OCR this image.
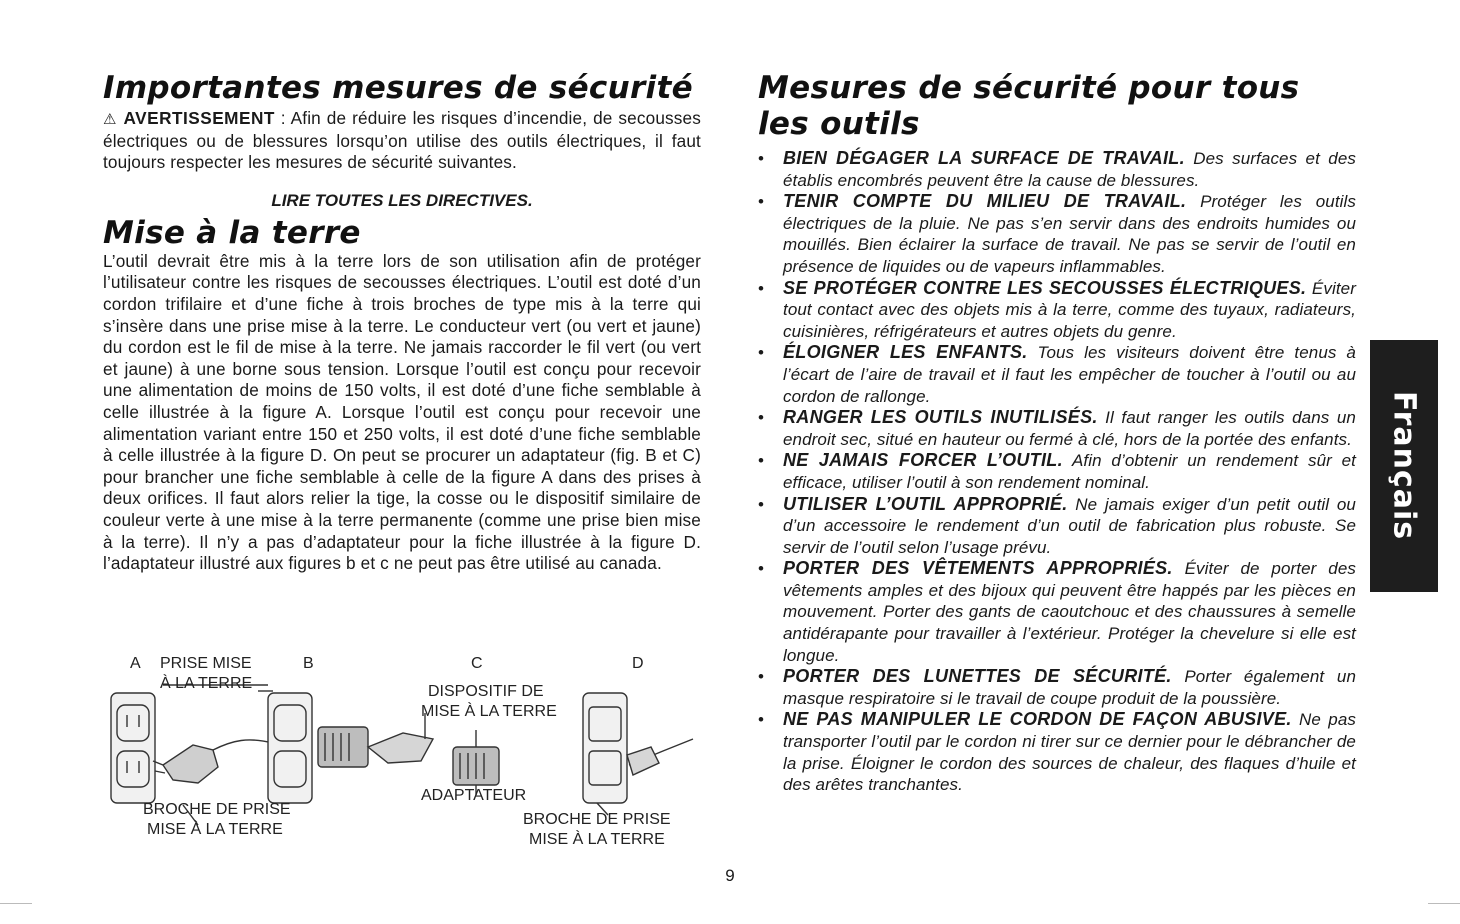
Importantes mesures de sécurité

⚠ AVERTISSEMENT : Afin de réduire les risques d’incendie, de secousses électriques ou de blessures lorsqu’on utilise des outils électriques, il faut toujours respecter les mesures de sécurité suivantes.

LIRE TOUTES LES DIRECTIVES.
Mise à la terre

L’outil devrait être mis à la terre lors de son utilisation afin de protéger l’utilisateur contre les risques de secousses électriques. L’outil est doté d’un cordon trifilaire et d’une fiche à trois broches de type mis à la terre qui s’insère dans une prise mise à la terre. Le conducteur vert (ou vert et jaune) du cordon est le fil de mise à la terre. Ne jamais raccorder le fil vert (ou vert et jaune) à une borne sous tension. Lorsque l’outil est conçu pour recevoir une alimentation de moins de 150 volts, il est doté d’une fiche semblable à celle illustrée à la figure A. Lorsque l’outil est conçu pour recevoir une alimentation variant entre 150 et 250 volts, il est doté d’une fiche semblable à celle illustrée à la figure D. On peut se procurer un adaptateur (fig. B et C) pour brancher une fiche semblable à celle de la figure A dans des prises à deux orifices. Il faut alors relier la tige, la cosse ou le dispositif similaire de couleur verte à une mise à la terre permanente (comme une prise bien mise à la terre). Il n’y a pas d’adaptateur pour la fiche illustrée à la figure D. l’adaptateur illustré aux figures b et c ne peut pas être utilisé au canada.

A PRISE MISE
À LA TERRE
B	C	D
DISPOSITIF DE
MISE À LA TERRE
ADAPTATEUR
BROCHE DE PRISE
MISE À LA TERRE
BROCHE DE PRISE
MISE À LA TERRE
Mesures de sécurité pour tous les outils
• BIEN DÉGAGER LA SURFACE DE TRAVAIL. Des surfaces et des établis encombrés peuvent être la cause de blessures.
• TENIR COMPTE DU MILIEU DE TRAVAIL. Protéger les outils électriques de la pluie. Ne pas s’en servir dans des endroits humides ou mouillés. Bien éclairer la surface de travail. Ne pas se servir de l’outil en présence de liquides ou de vapeurs inflammables.
• SE PROTÉGER CONTRE LES SECOUSSES ÉLECTRIQUES. Éviter tout contact avec des objets mis à la terre, comme des tuyaux, radiateurs, cuisinières, réfrigérateurs et autres objets du genre.
• ÉLOIGNER LES ENFANTS. Tous les visiteurs doivent être tenus à l’écart de l’aire de travail et il faut les empêcher de toucher à l’outil ou au cordon de rallonge.
• RANGER LES OUTILS INUTILISÉS. Il faut ranger les outils dans un endroit sec, situé en hauteur ou fermé à clé, hors de la portée des enfants.
• NE JAMAIS FORCER L’OUTIL. Afin d’obtenir un rendement sûr et efficace, utiliser l’outil à son rendement nominal.
• UTILISER L’OUTIL APPROPRIÉ. Ne jamais exiger d’un petit outil ou d’un accessoire le rendement d’un outil de fabrication plus robuste. Se servir de l’outil selon l’usage prévu.
• PORTER DES VÊTEMENTS APPROPRIÉS. Éviter de porter des vêtements amples et des bijoux qui peuvent être happés par les pièces en mouvement. Porter des gants de caoutchouc et des chaussures à semelle antidérapante pour travailler à l’extérieur. Protéger la chevelure si elle est longue.
• PORTER DES LUNETTES DE SÉCURITÉ. Porter également un masque respiratoire si le travail de coupe produit de la poussière.
• NE PAS MANIPULER LE CORDON DE FAÇON ABUSIVE. Ne pas transporter l’outil par le cordon ni tirer sur ce dernier pour le débrancher de la prise. Éloigner le cordon des sources de chaleur, des flaques d’huile et des arêtes tranchantes.
Français
9
